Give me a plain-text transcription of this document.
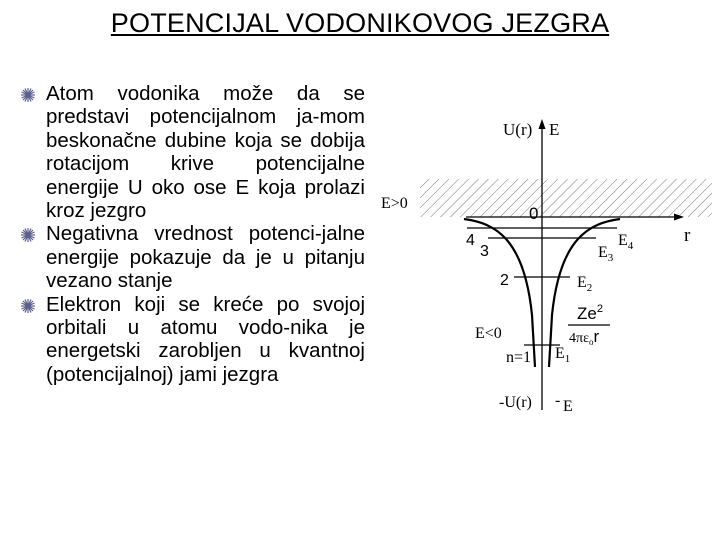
POTENCIJAL VODONIKOVOG JEZGRA
Atom vodonika može da se predstavi potencijalnom ja-mom beskonačne dubine koja se dobija rotacijom krive potencijalne energije U oko ose E koja prolazi kroz jezgro
Negativna vrednost potenci-jalne energije pokazuje da je u pitanju vezano stanje
Elektron koji se kreće po svojoj orbitali u atomu vodo-nika je energetski zarobljen u kvantnoj (potencijalnoj) jami jezgra
U(r) E
r
E>0
0
E<0
-U(r) - E
4
3
2
n=1
$E_4$
$E_3$
$E_2$
$E_1$
Ze$^2$
$4\pi\varepsilon_or$
